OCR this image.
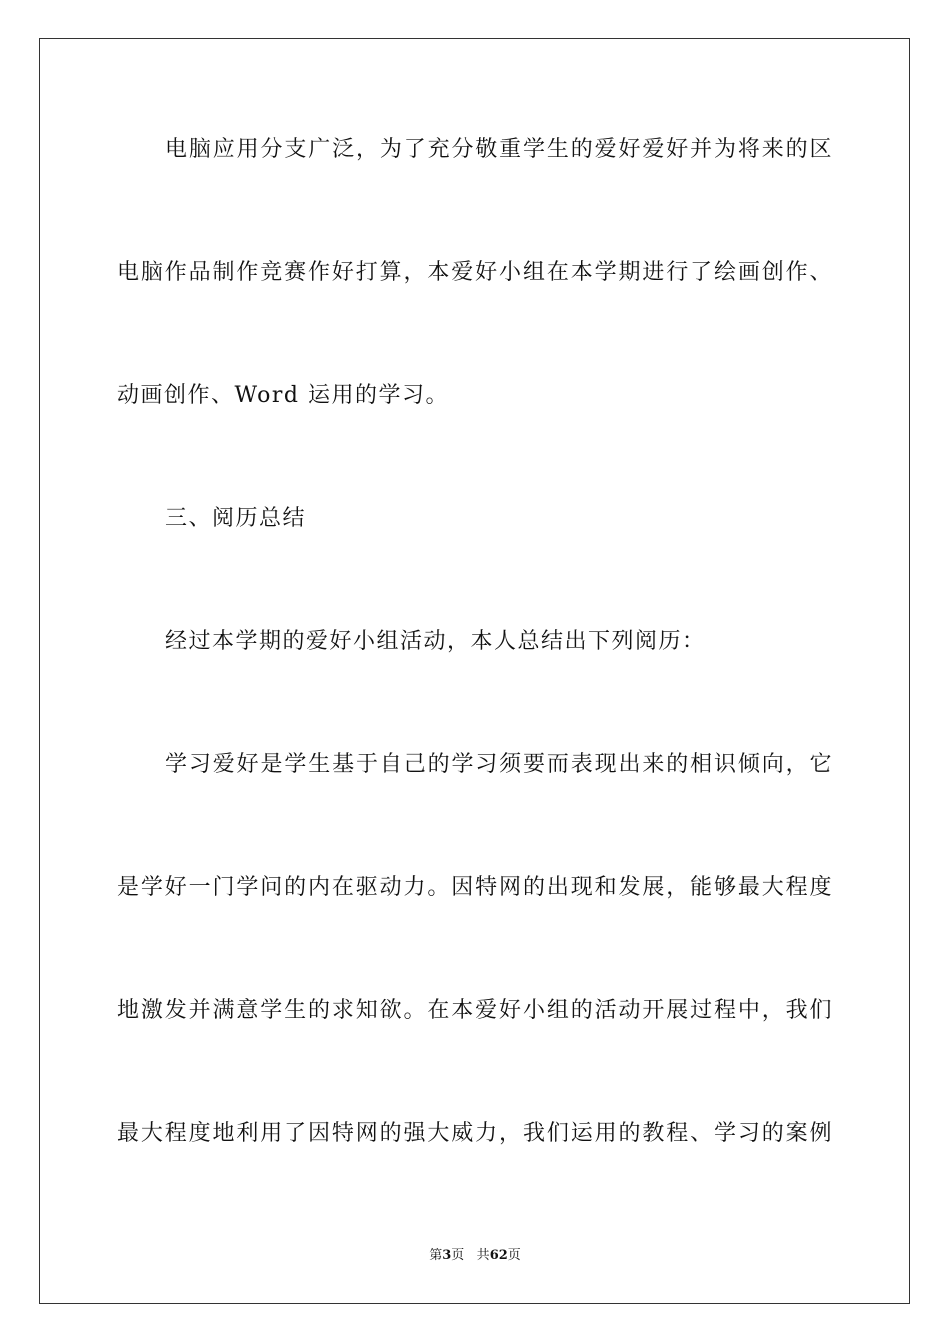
电脑应用分支广泛，为了充分敬重学生的爱好爱好并为将来的区
电脑作品制作竞赛作好打算，本爱好小组在本学期进行了绘画创作、
动画创作、Word 运用的学习。
三、阅历总结
经过本学期的爱好小组活动，本人总结出下列阅历：
学习爱好是学生基于自己的学习须要而表现出来的相识倾向，它
是学好一门学问的内在驱动力。因特网的出现和发展，能够最大程度
地激发并满意学生的求知欲。在本爱好小组的活动开展过程中，我们
最大程度地利用了因特网的强大威力，我们运用的教程、学习的案例
第3页 共62页
